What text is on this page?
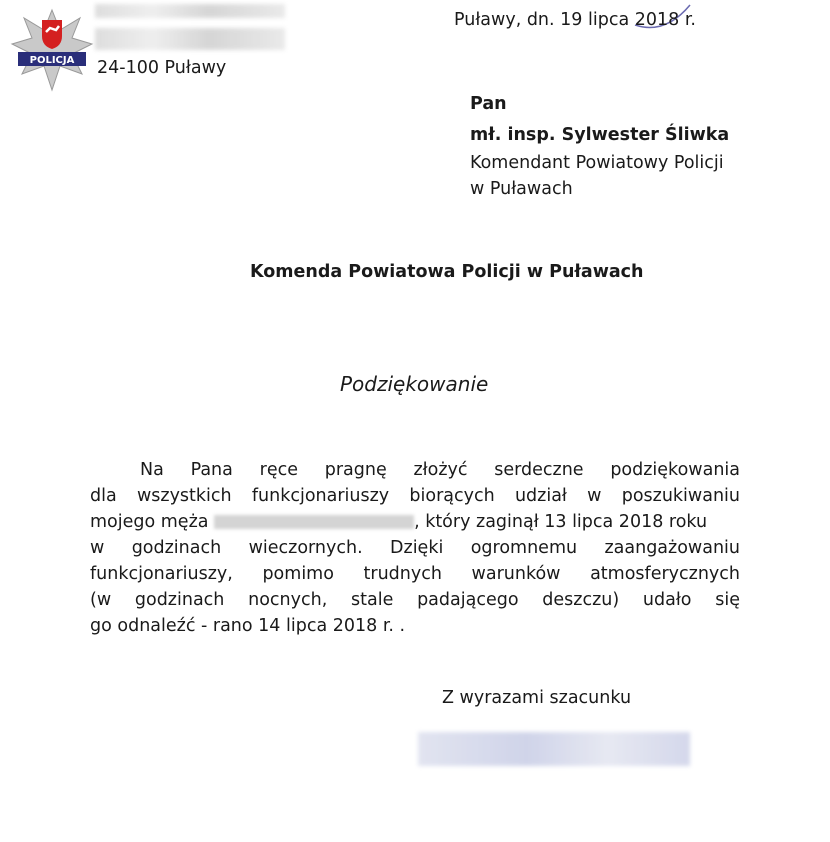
POLICJA 24-100 Puławy
Puławy, dn. 19 lipca 2018 r.
Pan
mł. insp. Sylwester Śliwka
Komendant Powiatowy Policji
w Puławach
Komenda Powiatowa Policji w Puławach
Podziękowanie
Na Pana ręce pragnę złożyć serdeczne podziękowania
dla wszystkich funkcjonariuszy biorących udział w poszukiwaniu
mojego męża	, który zaginął 13 lipca 2018 roku
w godzinach wieczornych. Dzięki ogromnemu zaangażowaniu
funkcjonariuszy, pomimo trudnych warunków atmosferycznych
(w godzinach nocnych, stale padającego deszczu) udało się
go odnaleźć - rano 14 lipca 2018 r. .
Z wyrazami szacunku
